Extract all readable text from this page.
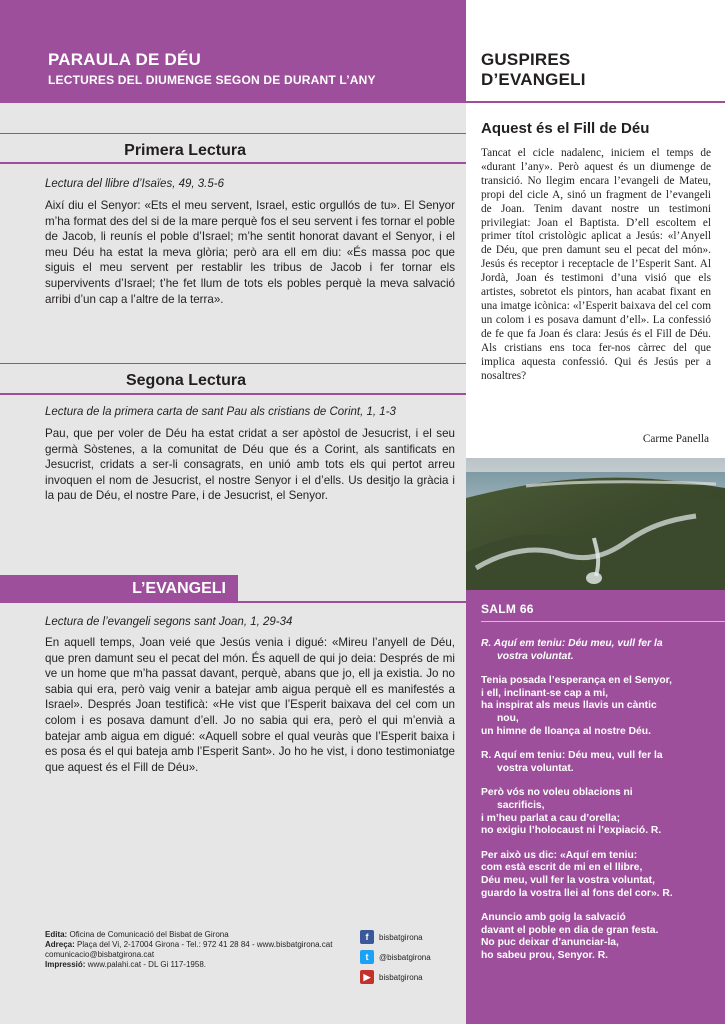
PARAULA DE DÉU
LECTURES DEL DIUMENGE SEGON DE DURANT L’ANY
Primera Lectura
Lectura del llibre d’Isaïes, 49, 3.5-6
Així diu el Senyor: «Ets el meu servent, Israel, estic orgullós de tu». El Senyor m’ha format des del si de la mare perquè fos el seu servent i fes tornar el poble de Jacob, li reunís el poble d’Israel; m’he sentit honorat davant el Senyor, i el meu Déu ha estat la meva glòria; però ara ell em diu: «És massa poc que siguis el meu servent per restablir les tribus de Jacob i fer tornar els supervivents d’Israel; t’he fet llum de tots els pobles perquè la meva salvació arribi d’un cap a l’altre de la terra».
Segona Lectura
Lectura de la primera carta de sant Pau als cristians de Corint, 1, 1-3
Pau, que per voler de Déu ha estat cridat a ser apòstol de Jesucrist, i el seu germà Sòstenes, a la comunitat de Déu que és a Corint, als santificats en Jesucrist, cridats a ser-li consagrats, en unió amb tots els qui pertot arreu invoquen el nom de Jesucrist, el nostre Senyor i el d’ells. Us desitjo la gràcia i la pau de Déu, el nostre Pare, i de Jesucrist, el Senyor.
L’EVANGELI
Lectura de l’evangeli segons sant Joan, 1, 29-34
En aquell temps, Joan veié que Jesús venia i digué: «Mireu l’anyell de Déu, que pren damunt seu el pecat del món. És aquell de qui jo deia: Després de mi ve un home que m’ha passat davant, perquè, abans que jo, ell ja existia. Jo no sabia qui era, però vaig venir a batejar amb aigua perquè ell es manifestés a Israel». Després Joan testificà: «He vist que l’Esperit baixava del cel com un colom i es posava damunt d’ell. Jo no sabia qui era, però el qui m’envià a batejar amb aigua em digué: «Aquell sobre el qual veuràs que l’Esperit baixa i es posa és el qui bateja amb l’Esperit Sant». Jo ho he vist, i dono testimoniatge que aquest és el Fill de Déu».
Edita: Oficina de Comunicació del Bisbat de Girona
Adreça: Plaça del Vi, 2-17004 Girona - Tel.: 972 41 28 84 - www.bisbatgirona.cat
comunicacio@bisbatgirona.cat
Impressió: www.palahi.cat - DL Gi 117-1958.
f	bisbatgirona
t	@bisbatgirona
▶	bisbatgirona
GUSPIRES
D’EVANGELI
Aquest és el Fill de Déu
Tancat el cicle nadalenc, iniciem el temps de «durant l’any». Però aquest és un diumenge de transició. No llegim encara l’evangeli de Mateu, propi del cicle A, sinó un fragment de l’evangeli de Joan. Tenim davant nostre un testimoni privilegiat: Joan el Baptista. D’ell escoltem el primer títol cristològic aplicat a Jesús: «l’Anyell de Déu, que pren damunt seu el pecat del món». Jesús és receptor i receptacle de l’Esperit Sant. Al Jordà, Joan és testimoni d’una visió que els artistes, sobretot els pintors, han acabat fixant en una imatge icònica: «l’Esperit baixava del cel com un colom i es posava damunt d’ell». La confessió de fe que fa Joan és clara: Jesús és el Fill de Déu. Als cristians ens toca fer-nos càrrec del que implica aquesta confessió. Qui és Jesús per a nosaltres?
Carme Panella
SALM 66
R. Aquí em teniu: Déu meu, vull fer la
vostra voluntat.
Tenia posada l’esperança en el Senyor,
i ell, inclinant-se cap a mi,
ha inspirat als meus llavis un càntic
nou,
un himne de lloança al nostre Déu.
R. Aquí em teniu: Déu meu, vull fer la
vostra voluntat.
Però vós no voleu oblacions ni
sacrificis,
i m’heu parlat a cau d’orella;
no exigiu l’holocaust ni l’expiació. R.
Per això us dic: «Aquí em teniu:
com està escrit de mi en el llibre,
Déu meu, vull fer la vostra voluntat,
guardo la vostra llei al fons del cor». R.
Anuncio amb goig la salvació
davant el poble en dia de gran festa.
No puc deixar d’anunciar-la,
ho sabeu prou, Senyor. R.
